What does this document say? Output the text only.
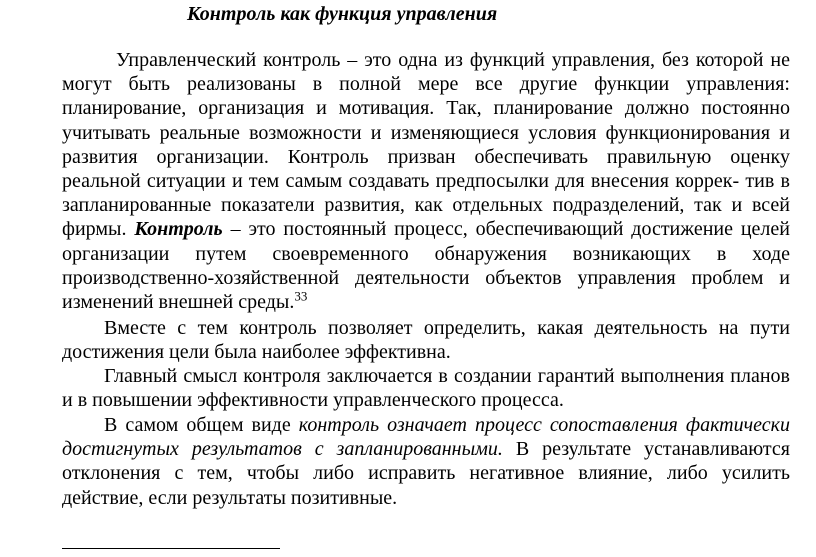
Контроль как функция управления

Управленческий контроль – это одна из функций управления, без которой не могут быть реализованы в полной мере все другие функции управления: планирование, организация и мотивация. Так, планирование должно постоянно учитывать реальные возможности и изменяющиеся условия функционирования и развития организации. Контроль призван обеспечивать правильную оценку реальной ситуации и тем самым создавать предпосылки для внесения коррек- тив в запланированные показатели развития, как отдельных подразделений, так и всей фирмы. Контроль – это постоянный процесс, обеспечивающий достижение целей организации путем своевременного обнаружения возникающих в ходе производственно-хозяйственной деятельности объектов управления проблем и изменений внешней среды.$^{33}$

Вместе с тем контроль позволяет определить, какая деятельность на пути достижения цели была наиболее эффективна.

Главный смысл контроля заключается в создании гарантий выполнения планов и в повышении эффективности управленческого процесса.

В самом общем виде контроль означает процесс сопоставления фактически достигнутых результатов с запланированными. В результате устанавливаются отклонения с тем, чтобы либо исправить негативное влияние, либо усилить действие, если результаты позитивные.
